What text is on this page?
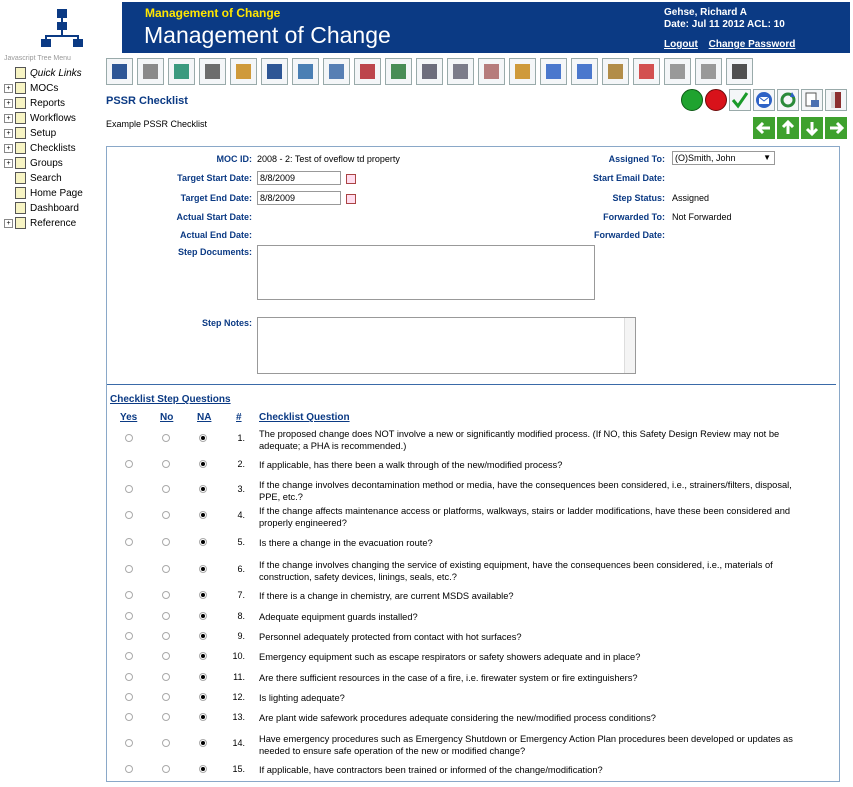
Management of Change
Management of Change
Gehse, Richard A
Date: Jul 11 2012 ACL: 10
Logout Change Password
Javascript Tree Menu
Quick Links
+ MOCs
+ Reports
+ Workflows
+ Setup
+ Checklists
+ Groups
Search
Home Page
Dashboard
+ Reference
PSSR Checklist
Example PSSR Checklist
MOC ID: 2008 - 2: Test of oveflow td property
Target Start Date:
8/8/2009
Target End Date:
8/8/2009
Actual Start Date:
Actual End Date:
Step Documents:
Step Notes:
Assigned To:	(O)Smith, John	▼
Start Email Date:
Step Status: Assigned
Forwarded To: Not Forwarded
Forwarded Date:
Checklist Step Questions
Yes No NA # Checklist Question
1. The proposed change does NOT involve a new or significantly modified process. (If NO, this Safety Design Review may not be adequate; a PHA is recommended.)
2. If applicable, has there been a walk through of the new/modified process?
3. If the change involves decontamination method or media, have the consequences been considered, i.e., strainers/filters, disposal, PPE, etc.?
4. If the change affects maintenance access or platforms, walkways, stairs or ladder modifications, have these been considered and properly engineered?
5. Is there a change in the evacuation route?
6. If the change involves changing the service of existing equipment, have the consequences been considered, i.e., materials of construction, safety devices, linings, seals, etc.?
7. If there is a change in chemistry, are current MSDS available?
8. Adequate equipment guards installed?
9. Personnel adequately protected from contact with hot surfaces?
10. Emergency equipment such as escape respirators or safety showers adequate and in place?
11. Are there sufficient resources in the case of a fire, i.e. firewater system or fire extinguishers?
12. Is lighting adequate?
13. Are plant wide safework procedures adequate considering the new/modified process conditions?
14. Have emergency procedures such as Emergency Shutdown or Emergency Action Plan procedures been developed or updates as needed to ensure safe operation of the new or modified change?
15. If applicable, have contractors been trained or informed of the change/modification?
